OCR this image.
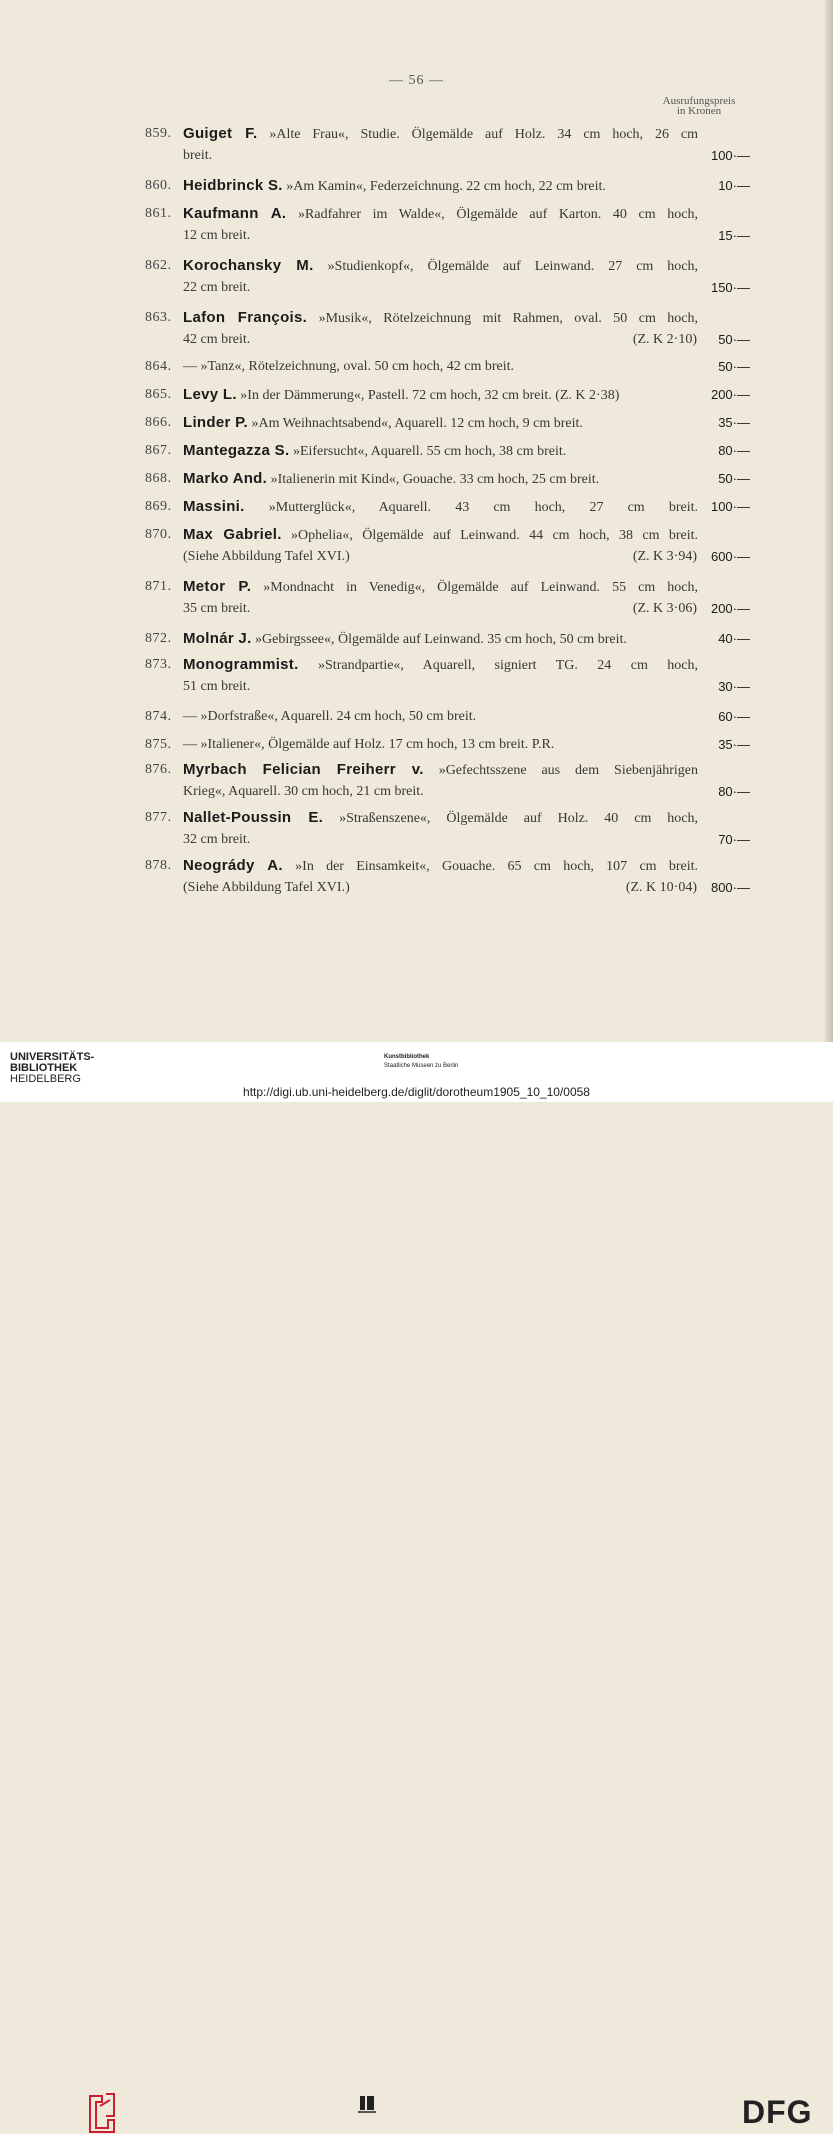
— 56 —
Ausrufungspreis
in Kronen
859. Guiget F. »Alte Frau«, Studie. Ölgemälde auf Holz. 34 cm hoch, 26 cm
breit.	100·—
860. Heidbrinck S. »Am Kamin«, Federzeichnung. 22 cm hoch, 22 cm breit.	10·—
861. Kaufmann A. »Radfahrer im Walde«, Ölgemälde auf Karton. 40 cm hoch,
12 cm breit.	15·—
862. Korochansky M. »Studienkopf«, Ölgemälde auf Leinwand. 27 cm hoch,
22 cm breit.	150·—
863. Lafon François. »Musik«, Rötelzeichnung mit Rahmen, oval. 50 cm hoch,
42 cm breit.	(Z. K 2·10) 50·—
864. — »Tanz«, Rötelzeichnung, oval. 50 cm hoch, 42 cm breit.	50·—
865. Levy L. »In der Dämmerung«, Pastell. 72 cm hoch, 32 cm breit. (Z. K 2·38)	200·—
866. Linder P. »Am Weihnachtsabend«, Aquarell. 12 cm hoch, 9 cm breit.	35·—
867. Mantegazza S. »Eifersucht«, Aquarell. 55 cm hoch, 38 cm breit.	80·—
868. Marko And. »Italienerin mit Kind«, Gouache. 33 cm hoch, 25 cm breit.	50·—
869. Massini. »Mutterglück«, Aquarell. 43 cm hoch, 27 cm breit. 100·—
870. Max Gabriel. »Ophelia«, Ölgemälde auf Leinwand. 44 cm hoch, 38 cm breit.
(Siehe Abbildung Tafel XVI.)	(Z. K 3·94) 600·—
871. Metor P. »Mondnacht in Venedig«, Ölgemälde auf Leinwand. 55 cm hoch,
35 cm breit.	(Z. K 3·06) 200·—
872. Molnár J. »Gebirgssee«, Ölgemälde auf Leinwand. 35 cm hoch, 50 cm breit.	40·—
873. Monogrammist. »Strandpartie«, Aquarell, signiert TG. 24 cm hoch,
51 cm breit.	30·—
874. — »Dorfstraße«, Aquarell. 24 cm hoch, 50 cm breit.	60·—
875. — »Italiener«, Ölgemälde auf Holz. 17 cm hoch, 13 cm breit. P.R.	35·—
876. Myrbach Felician Freiherr v. »Gefechtsszene aus dem Siebenjährigen
Krieg«, Aquarell. 30 cm hoch, 21 cm breit.	80·—
877. Nallet-Poussin E. »Straßenszene«, Ölgemälde auf Holz. 40 cm hoch,
32 cm breit.	70·—
878. Neogrády A. »In der Einsamkeit«, Gouache. 65 cm hoch, 107 cm breit.
(Siehe Abbildung Tafel XVI.)	(Z. K 10·04) 800·—
DFG
UNIVERSITÄTS-
BIBLIOTHEK
HEIDELBERG
Kunstbibliothek
Staatliche Museen zu Berlin
http://digi.ub.uni-heidelberg.de/diglit/dorotheum1905_10_10/0058
